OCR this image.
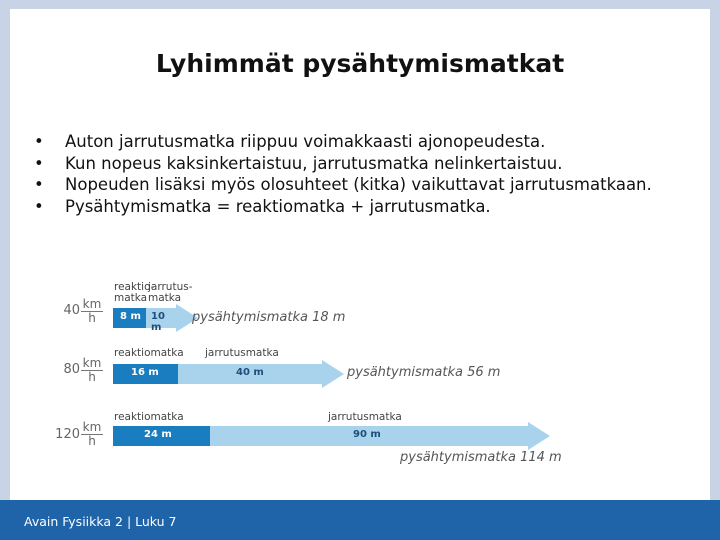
Lyhimmät pysähtymismatkat
• Auton jarrutusmatka riippuu voimakkaasti ajonopeudesta.
• Kun nopeus kaksinkertaistuu, jarrutusmatka nelinkertaistuu.
• Nopeuden lisäksi myös olosuhteet (kitka) vaikuttavat jarrutusmatkaan.
• Pysähtymismatka = reaktiomatka + jarrutusmatka.
40 km
h
reaktio-
matka
jarrutus-
matka
8 m 10 m
pysähtymismatka 18 m
80 km
h
reaktiomatka jarrutusmatka
16 m	40 m	pysähtymismatka 56 m
120 km
h
reaktiomatka	jarrutusmatka
24 m	90 m
pysähtymismatka 114 m
Avain Fysiikka 2 | Luku 7
